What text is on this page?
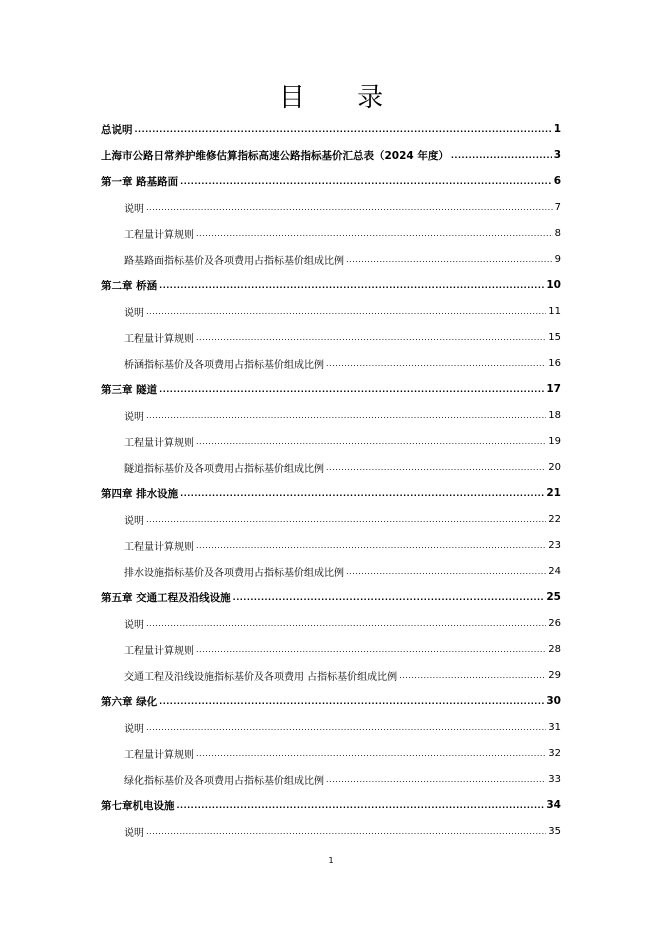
目 录
总说明 .....	1
上海市公路日常养护维修估算指标高速公路指标基价汇总表（2024 年度） .....	3
第一章 路基路面 .....	6
说明 .....	7
工程量计算规则 .....	8
路基路面指标基价及各项费用占指标基价组成比例 .....	9
第二章 桥涵 .....	10
说明 .....	11
工程量计算规则 .....	15
桥涵指标基价及各项费用占指标基价组成比例 .....	16
第三章 隧道 .....	17
说明 .....	18
工程量计算规则 .....	19
隧道指标基价及各项费用占指标基价组成比例 .....	20
第四章 排水设施 .....	21
说明 .....	22
工程量计算规则 .....	23
排水设施指标基价及各项费用占指标基价组成比例 .....	24
第五章 交通工程及沿线设施 .....	25
说明 .....	26
工程量计算规则 .....	28
交通工程及沿线设施指标基价及各项费用 占指标基价组成比例 .....	29
第六章 绿化 .....	30
说明 .....	31
工程量计算规则 .....	32
绿化指标基价及各项费用占指标基价组成比例 .....	33
第七章机电设施 .....	34
说明 .....	35
1
